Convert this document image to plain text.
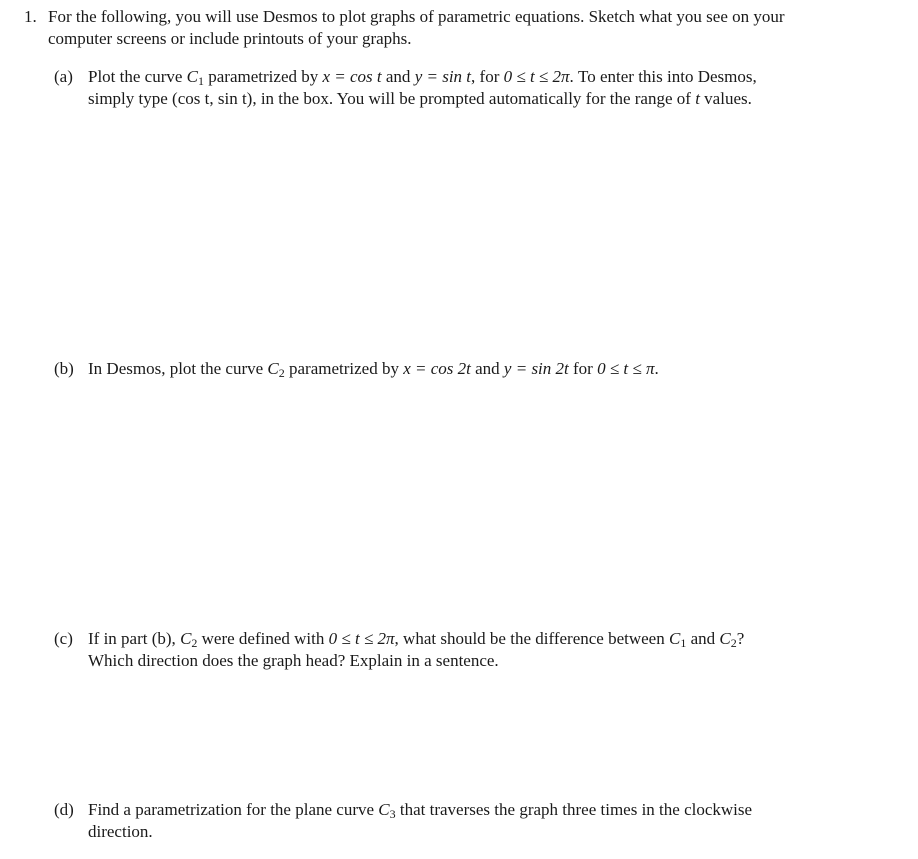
1. For the following, you will use Desmos to plot graphs of parametric equations. Sketch what you see on your
computer screens or include printouts of your graphs.
(a) Plot the curve $C_1$ parametrized by x = cos t and y = sin t, for 0 ≤ t ≤ 2π. To enter this into Desmos,
simply type (cos t, sin t), in the box. You will be prompted automatically for the range of t values.
(b) In Desmos, plot the curve $C_2$ parametrized by x = cos 2t and y = sin 2t for 0 ≤ t ≤ π.
(c) If in part (b), $C_2$ were defined with 0 ≤ t ≤ 2π, what should be the difference between $C_1$ and $C_2$?
Which direction does the graph head? Explain in a sentence.
(d) Find a parametrization for the plane curve $C_3$ that traverses the graph three times in the clockwise
direction.
